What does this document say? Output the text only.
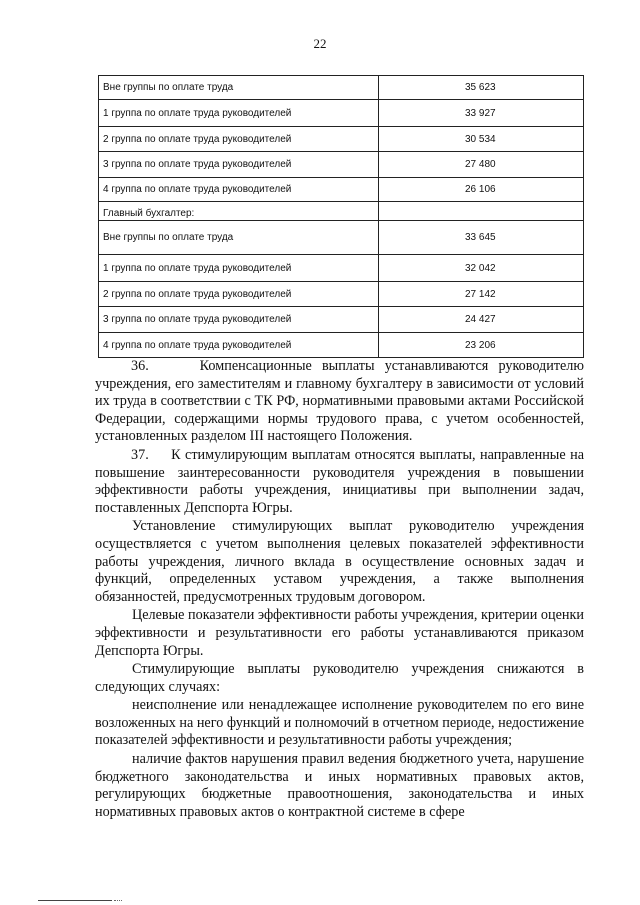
22
Вне группы по оплате труда	35 623
1 группа по оплате труда руководителей	33 927
2 группа по оплате труда руководителей	30 534
3 группа по оплате труда руководителей	27 480
4 группа по оплате труда руководителей	26 106
Главный бухгалтер:	
Вне группы по оплате труда	33 645
1 группа по оплате труда руководителей	32 042
2 группа по оплате труда руководителей	27 142
3 группа по оплате труда руководителей	24 427
4 группа по оплате труда руководителей	23 206

36.     Компенсационные выплаты устанавливаются руководителю учреждения, его заместителям и главному бухгалтеру в зависимости от условий их труда в соответствии с ТК РФ, нормативными правовыми актами Российской Федерации, содержащими нормы трудового права, с учетом особенностей, установленных разделом III настоящего Положения.

37.     К стимулирующим выплатам относятся выплаты, направленные на повышение заинтересованности руководителя учреждения в повышении эффективности работы учреждения, инициативы при выполнении задач, поставленных Депспорта Югры.

Установление стимулирующих выплат руководителю учреждения осуществляется с учетом выполнения целевых показателей эффективности работы учреждения, личного вклада в осуществление основных задач и функций, определенных уставом учреждения, а также выполнения обязанностей, предусмотренных трудовым договором.

Целевые показатели эффективности работы учреждения, критерии оценки эффективности и результативности его работы устанавливаются приказом Депспорта Югры.

Стимулирующие выплаты руководителю учреждения снижаются в следующих случаях:

неисполнение или ненадлежащее исполнение руководителем по его вине возложенных на него функций и полномочий в отчетном периоде, недостижение показателей эффективности и результативности работы учреждения;

наличие фактов нарушения правил ведения бюджетного учета, нарушение бюджетного законодательства и иных нормативных правовых актов, регулирующих бюджетные правоотношения, законодательства и иных нормативных правовых актов о контрактной системе в сфере
